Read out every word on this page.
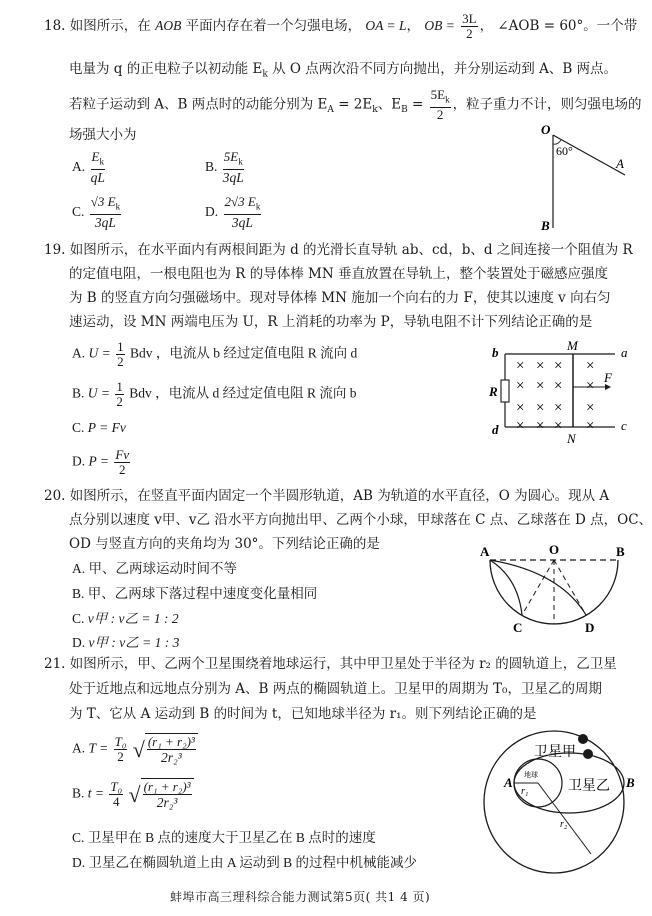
18. 如图所示，在 AOB 平面内存在着一个匀强电场， OA = L， OB = $\frac{3L}{2}$ ， ∠AOB = 60°。一个带
电量为 q 的正电粒子以初动能 $E_k$ 从 O 点两次沿不同方向抛出，并分别运动到 A、B 两点。
若粒子运动到 A、B 两点时的动能分别为 $E_A = 2E_k$、$E_B = \frac{5E_k}{2}$ ，粒子重力不计，则匀强电场的
场强大小为
A. $\frac{E_k}{qL}$	B. $\frac{5E_k}{3qL}$
C. $\frac{√3 E_k}{3qL}$	D. $\frac{2√3 E_k}{3qL}$
O
A
B
60°
19. 如图所示，在水平面内有两根间距为 d 的光滑长直导轨 ab、cd，b、d 之间连接一个阻值为 R
的定值电阻，一根电阻也为 R 的导体棒 MN 垂直放置在导轨上，整个装置处于磁感应强度
为 B 的竖直方向匀强磁场中。现对导体棒 MN 施加一个向右的力 F，使其以速度 v 向右匀
速运动，设 MN 两端电压为 U，R 上消耗的功率为 P，导轨电阻不计下列结论正确的是
A. $U = \frac{1}{2}$ Bdv ，电流从 b 经过定值电阻 R 流向 d
B. $U = \frac{1}{2}$ Bdv ，电流从 d 经过定值电阻 R 流向 b
C. P = Fv
D. $P = \frac{Fv}{2}$
× × × ×
× × × ×
× × × ×
× × × ×
b	a
c
d
M
N
R
F
20. 如图所示，在竖直平面内固定一个半圆形轨道，AB 为轨道的水平直径，O 为圆心。现从 A
点分别以速度 v甲、v乙 沿水平方向抛出甲、乙两个小球，甲球落在 C 点、乙球落在 D 点，OC、
OD 与竖直方向的夹角均为 30°。下列结论正确的是
A. 甲、乙两球运动时间不等
B. 甲、乙两球下落过程中速度变化量相同
C. v甲 : v乙 = 1 : 2
D. v甲 : v乙 = 1 : 3
A	O	B
C	D
21. 如图所示，甲、乙两个卫星围绕着地球运行，其中甲卫星处于半径为 r₂ 的圆轨道上，乙卫星
处于近地点和远地点分别为 A、B 两点的椭圆轨道上。卫星甲的周期为 T₀，卫星乙的周期
为 T、它从 A 运动到 B 的时间为 t，已知地球半径为 r₁。则下列结论正确的是
A. $T = \frac{\text{T₀}}{2}$ √ $\frac{\text{(r₁ + r₂)³}}{\text{2r₂³}}$
B. $t = \frac{\text{T₀}}{4}$ √ $\frac{\text{(r₁ + r₂)³}}{\text{2r₂³}}$
C. 卫星甲在 B 点的速度大于卫星乙在 B 点时的速度
D. 卫星乙在椭圆轨道上由 A 运动到 B 的过程中机械能减少
卫星甲
卫星乙
地球
A	B
r₁
r₂
蚌埠市高三理科综合能力测试第5页( 共1 4 页)
